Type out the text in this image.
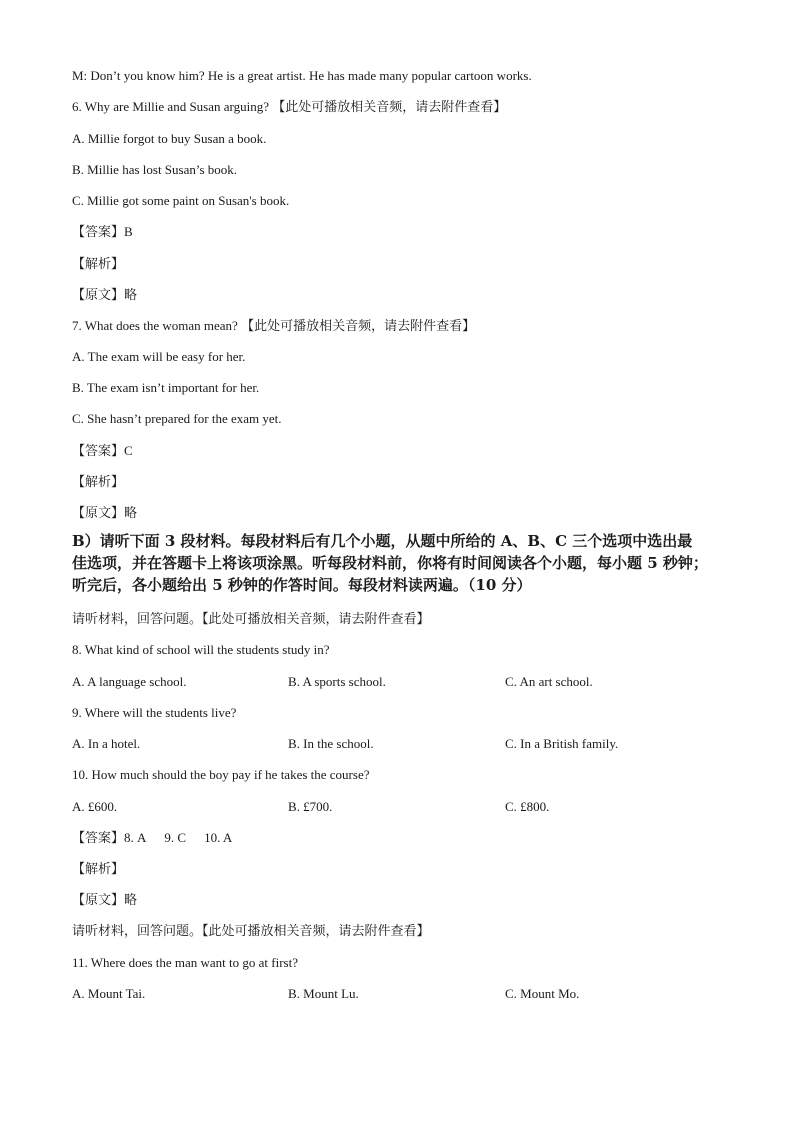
M: Don’t you know him? He is a great artist. He has made many popular cartoon works.
6. Why are Millie and Susan arguing? 【此处可播放相关音频，请去附件查看】
A. Millie forgot to buy Susan a book.
B. Millie has lost Susan’s book.
C. Millie got some paint on Susan's book.
【答案】B
【解析】
【原文】略
7. What does the woman mean? 【此处可播放相关音频，请去附件查看】
A. The exam will be easy for her.
B. The exam isn’t important for her.
C. She hasn’t prepared for the exam yet.
【答案】C
【解析】
【原文】略
B）请听下面 3 段材料。每段材料后有几个小题，从题中所给的 A、B、C 三个选项中选出最
佳选项，并在答题卡上将该项涂黑。听每段材料前，你将有时间阅读各个小题，每小题 5 秒钟；
听完后，各小题给出 5 秒钟的作答时间。每段材料读两遍。（10 分）
请听材料，回答问题。【此处可播放相关音频，请去附件查看】
8. What kind of school will the students study in?
A. A language school.	B. A sports school.	C. An art school.
9. Where will the students live?
A. In a hotel.	B. In the school.	C. In a British family.
10. How much should the boy pay if he takes the course?
A. £600.	B. £700.	C. £800.
【答案】8. A 9. C 10. A
【解析】
【原文】略
请听材料，回答问题。【此处可播放相关音频，请去附件查看】
11. Where does the man want to go at first?
A. Mount Tai.	B. Mount Lu.	C. Mount Mo.
